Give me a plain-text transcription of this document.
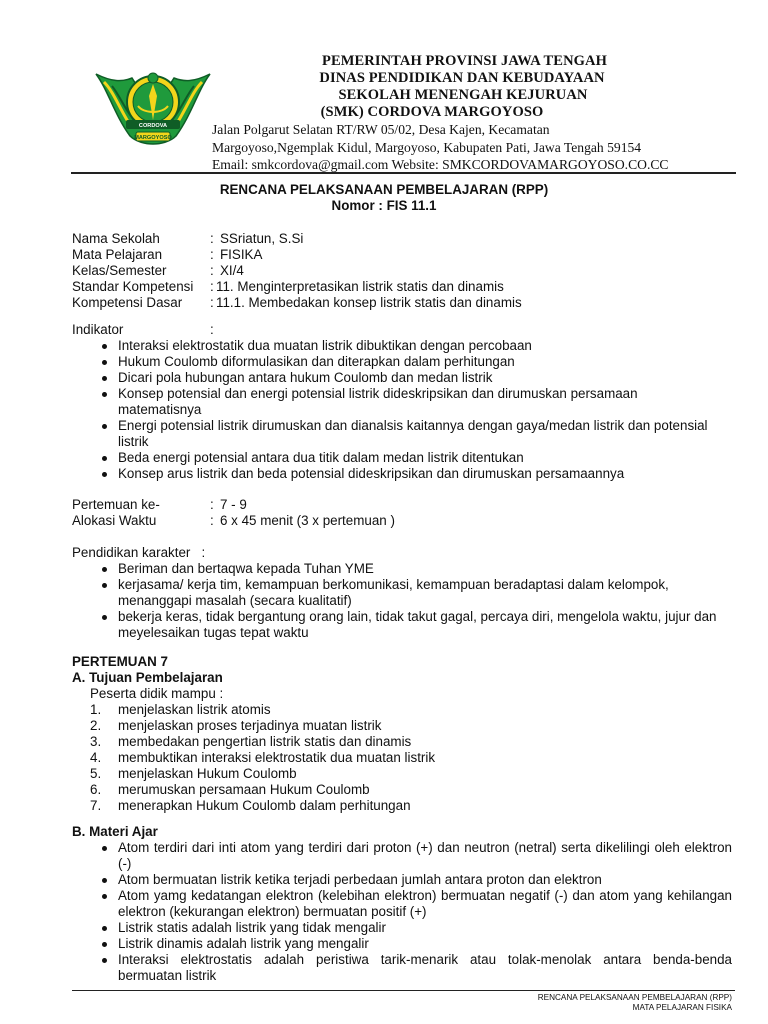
CORDOVA
MARGOYOSO
PEMERINTAH PROVINSI JAWA TENGAH
DINAS PENDIDIKAN DAN KEBUDAYAAN
SEKOLAH MENENGAH KEJURUAN
(SMK) CORDOVA MARGOYOSO
Jalan Polgarut Selatan RT/RW 05/02, Desa Kajen, Kecamatan
Margoyoso,Ngemplak Kidul, Margoyoso, Kabupaten Pati, Jawa Tengah 59154
Email: smkcordova@gmail.com Website: SMKCORDOVAMARGOYOSO.CO.CC
RENCANA PELAKSANAAN PEMBELAJARAN (RPP)
Nomor : FIS 11.1
Nama Sekolah	: SSriatun, S.Si
Mata Pelajaran	: FISIKA
Kelas/Semester	: XI/4
Standar Kompetensi	: 11. Menginterpretasikan listrik statis dan dinamis
Kompetensi Dasar	: 11.1. Membedakan konsep listrik statis dan dinamis
Indikator	:
Interaksi elektrostatik dua muatan listrik dibuktikan dengan percobaan
Hukum Coulomb diformulasikan dan diterapkan dalam perhitungan
Dicari pola hubungan antara hukum Coulomb dan medan listrik
Konsep potensial dan energi potensial listrik dideskripsikan dan dirumuskan persamaan matematisnya
Energi potensial listrik dirumuskan dan dianalsis kaitannya dengan gaya/medan listrik dan potensial listrik
Beda energi potensial antara dua titik dalam medan listrik ditentukan
Konsep arus listrik dan beda potensial dideskripsikan dan dirumuskan persamaannya
Pertemuan ke-	: 7 - 9
Alokasi Waktu	: 6 x 45 menit (3 x pertemuan )
Pendidikan karakter   :
Beriman dan bertaqwa kepada Tuhan YME
kerjasama/ kerja tim, kemampuan berkomunikasi, kemampuan beradaptasi dalam kelompok, menanggapi masalah (secara kualitatif)
bekerja keras, tidak bergantung orang lain, tidak takut gagal, percaya diri, mengelola waktu, jujur dan meyelesaikan tugas tepat waktu
PERTEMUAN 7
A. Tujuan Pembelajaran
Peserta didik mampu :
1. menjelaskan listrik atomis
2. menjelaskan proses terjadinya muatan listrik
3. membedakan pengertian listrik statis dan dinamis
4. membuktikan interaksi elektrostatik dua muatan listrik
5. menjelaskan Hukum Coulomb
6. merumuskan persamaan Hukum Coulomb
7. menerapkan Hukum Coulomb dalam perhitungan
B. Materi Ajar
Atom terdiri dari inti atom yang terdiri dari proton (+) dan neutron (netral) serta dikelilingi oleh elektron (-)
Atom bermuatan listrik ketika terjadi perbedaan jumlah antara proton dan elektron
Atom yamg kedatangan elektron (kelebihan elektron) bermuatan negatif (-) dan atom yang kehilangan elektron (kekurangan elektron) bermuatan positif (+)
Listrik statis adalah listrik yang tidak mengalir
Listrik dinamis adalah listrik yang mengalir
Interaksi elektrostatis adalah peristiwa tarik-menarik atau tolak-menolak antara benda-benda bermuatan listrik
RENCANA PELAKSANAAN PEMBELAJARAN (RPP)
MATA PELAJARAN FISIKA
